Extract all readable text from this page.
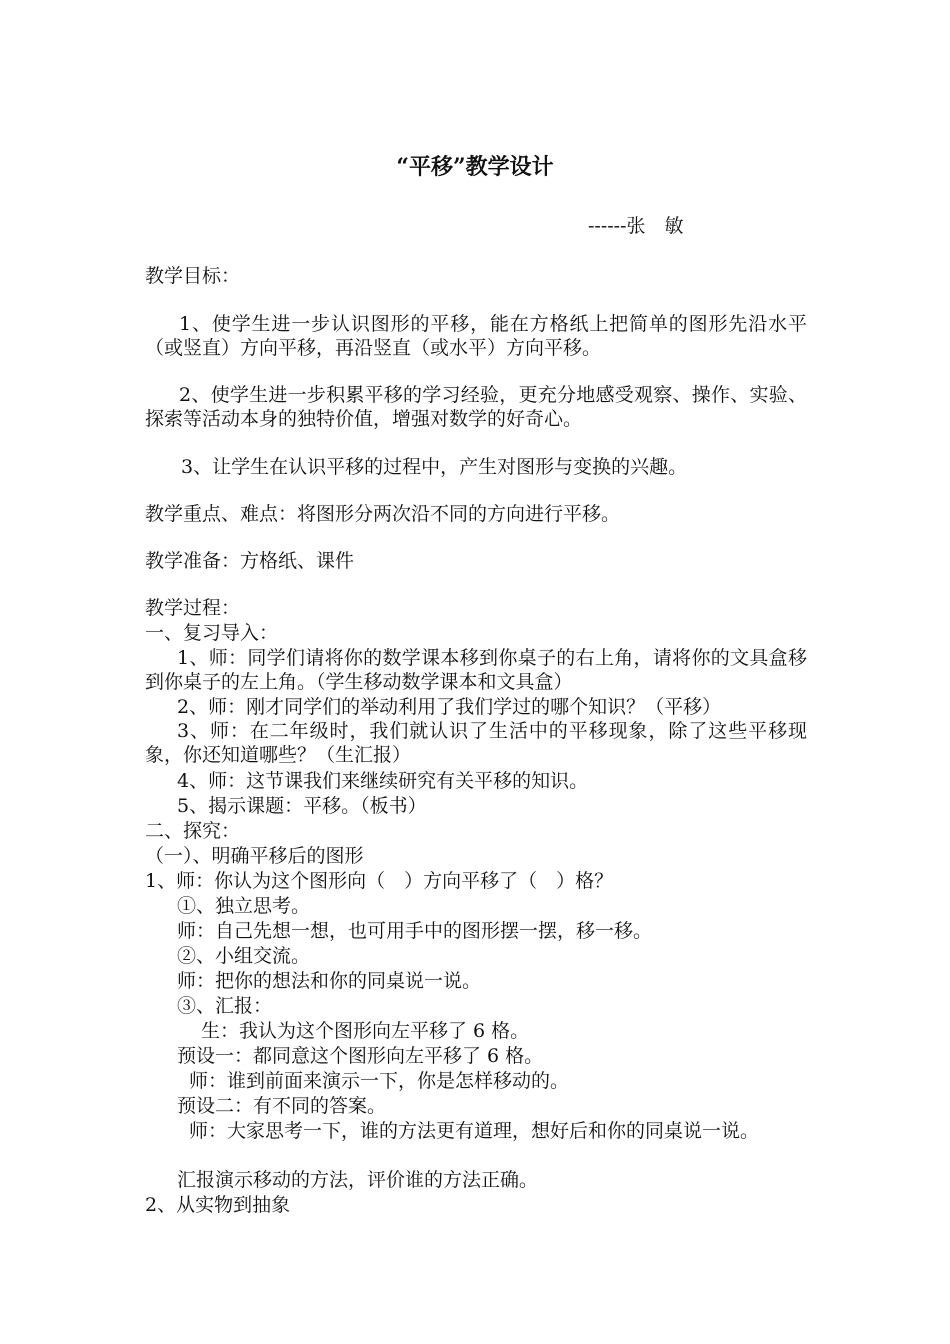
“平移”教学设计
------张　敏
教学目标：
1、使学生进一步认识图形的平移，能在方格纸上把简单的图形先沿水平（或竖直）方向平移，再沿竖直（或水平）方向平移。
2、使学生进一步积累平移的学习经验，更充分地感受观察、操作、实验、探索等活动本身的独特价值，增强对数学的好奇心。
3、让学生在认识平移的过程中，产生对图形与变换的兴趣。
教学重点、难点：将图形分两次沿不同的方向进行平移。
教学准备：方格纸、课件
教学过程：
一、复习导入：
1、师：同学们请将你的数学课本移到你桌子的右上角，请将你的文具盒移到你桌子的左上角。（学生移动数学课本和文具盒）
2、师：刚才同学们的举动利用了我们学过的哪个知识？（平移）
3、师：在二年级时，我们就认识了生活中的平移现象，除了这些平移现象，你还知道哪些？（生汇报）
4、师：这节课我们来继续研究有关平移的知识。
5、揭示课题：平移。（板书）
二、探究：
（一）、明确平移后的图形
1、师：你认为这个图形向（　）方向平移了（　）格？
①、独立思考。
师：自己先想一想，也可用手中的图形摆一摆，移一移。
②、小组交流。
师：把你的想法和你的同桌说一说。
③、汇报：
生：我认为这个图形向左平移了 6 格。
预设一：都同意这个图形向左平移了 6 格。
师：谁到前面来演示一下，你是怎样移动的。
预设二：有不同的答案。
师：大家思考一下，谁的方法更有道理，想好后和你的同桌说一说。
汇报演示移动的方法，评价谁的方法正确。
2、从实物到抽象
